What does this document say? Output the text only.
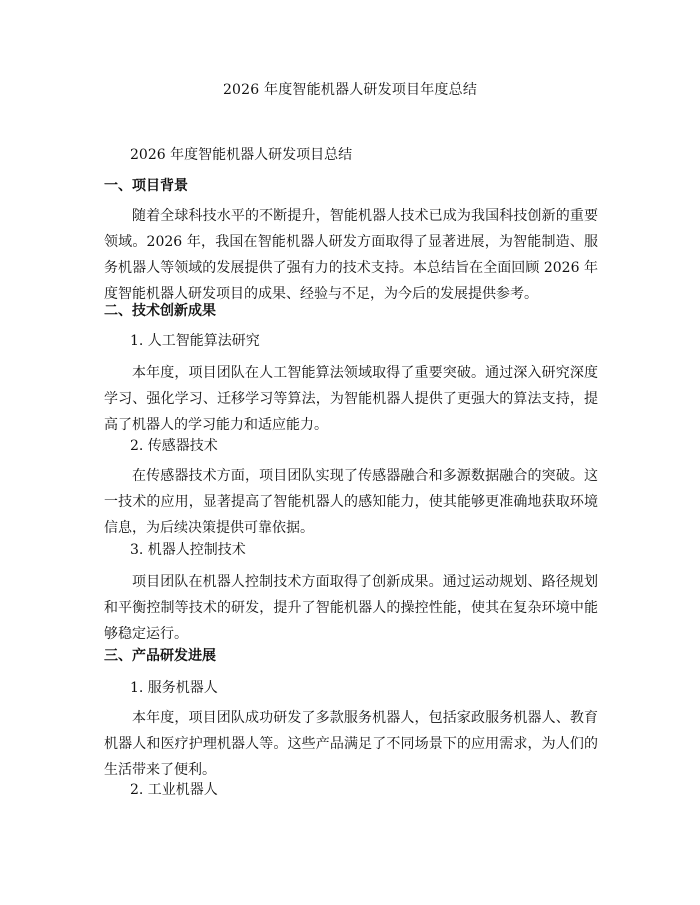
2026 年度智能机器人研发项目年度总结
2026 年度智能机器人研发项目总结
一、项目背景

随着全球科技水平的不断提升，智能机器人技术已成为我国科技创新的重要领域。2026 年，我国在智能机器人研发方面取得了显著进展，为智能制造、服务机器人等领域的发展提供了强有力的技术支持。本总结旨在全面回顾 2026 年度智能机器人研发项目的成果、经验与不足，为今后的发展提供参考。

二、技术创新成果
1. 人工智能算法研究

本年度，项目团队在人工智能算法领域取得了重要突破。通过深入研究深度学习、强化学习、迁移学习等算法，为智能机器人提供了更强大的算法支持，提高了机器人的学习能力和适应能力。

2. 传感器技术

在传感器技术方面，项目团队实现了传感器融合和多源数据融合的突破。这一技术的应用，显著提高了智能机器人的感知能力，使其能够更准确地获取环境信息，为后续决策提供可靠依据。

3. 机器人控制技术

项目团队在机器人控制技术方面取得了创新成果。通过运动规划、路径规划和平衡控制等技术的研发，提升了智能机器人的操控性能，使其在复杂环境中能够稳定运行。

三、产品研发进展
1. 服务机器人

本年度，项目团队成功研发了多款服务机器人，包括家政服务机器人、教育机器人和医疗护理机器人等。这些产品满足了不同场景下的应用需求，为人们的生活带来了便利。

2. 工业机器人
